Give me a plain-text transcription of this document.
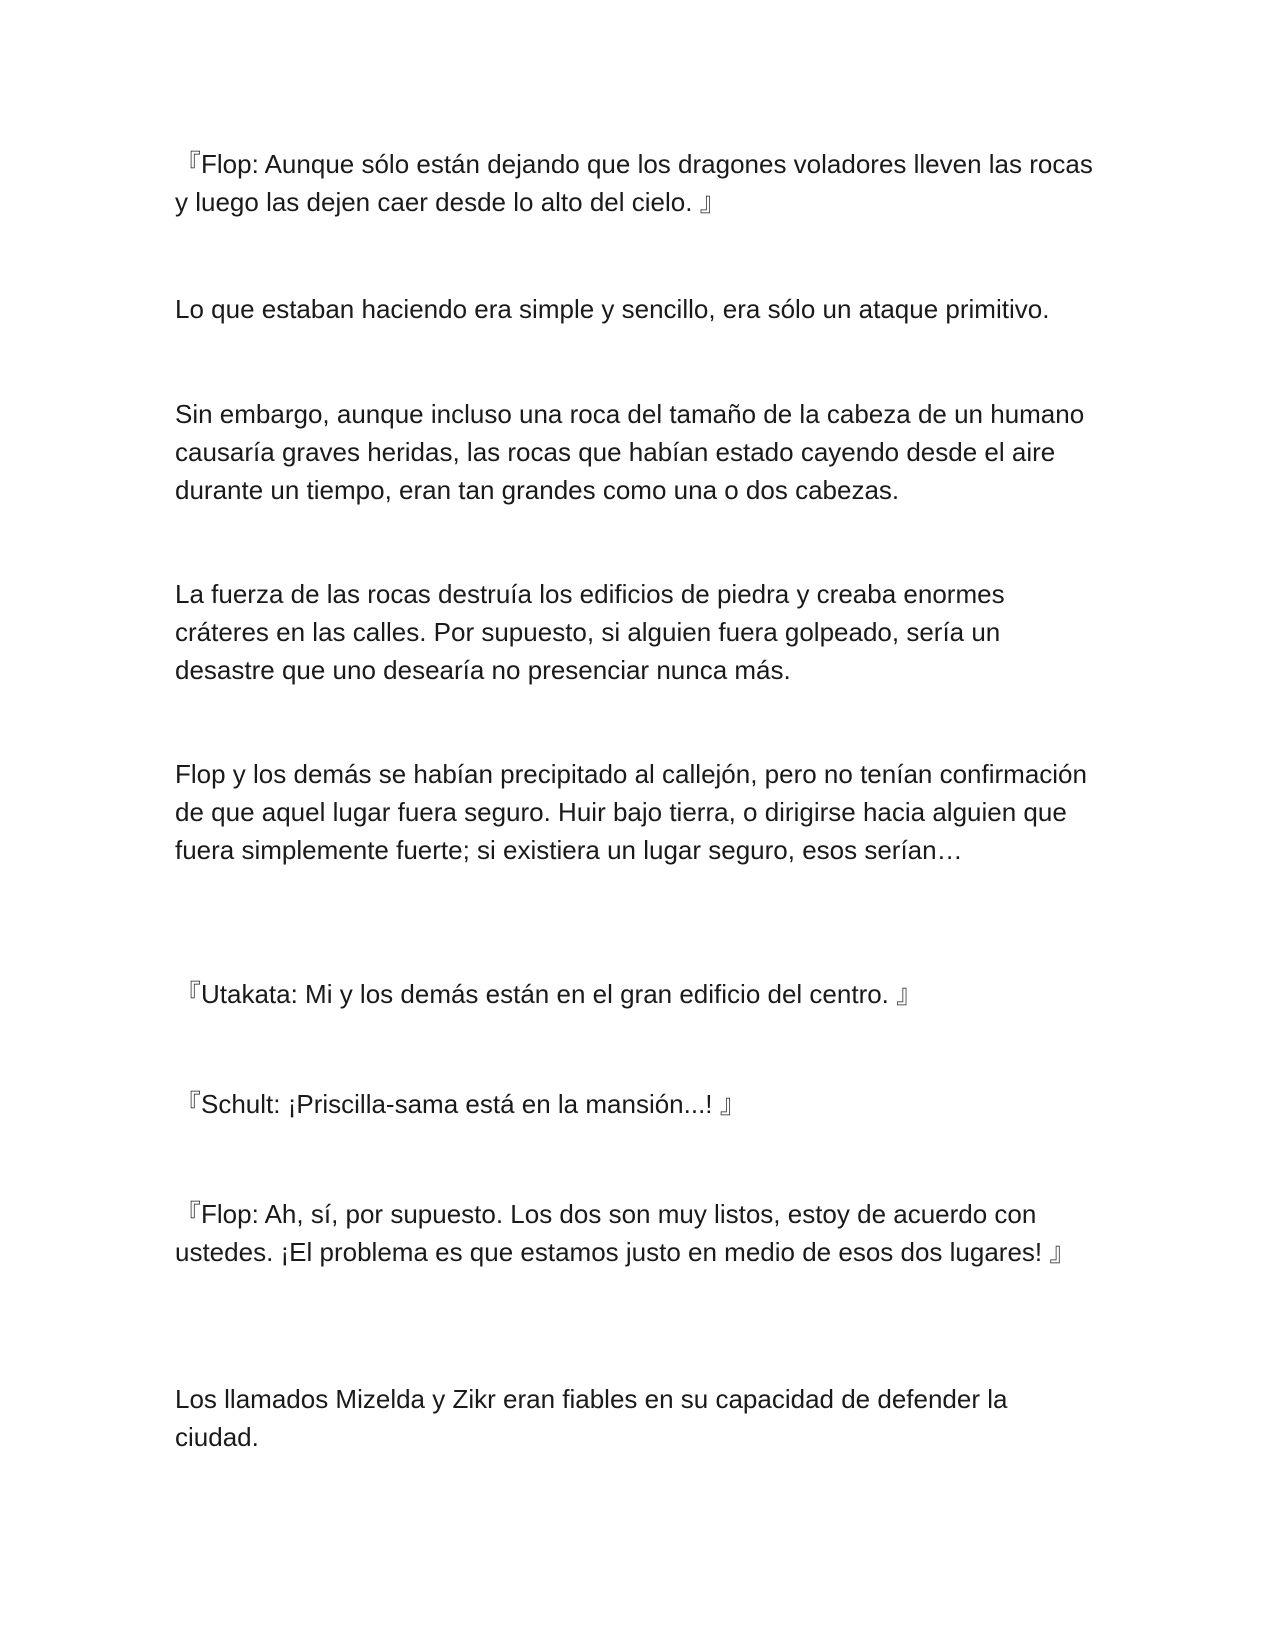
『Flop: Aunque sólo están dejando que los dragones voladores lleven las rocas y luego las dejen caer desde lo alto del cielo. 』

Lo que estaban haciendo era simple y sencillo, era sólo un ataque primitivo.

Sin embargo, aunque incluso una roca del tamaño de la cabeza de un humano causaría graves heridas, las rocas que habían estado cayendo desde el aire durante un tiempo, eran tan grandes como una o dos cabezas.

La fuerza de las rocas destruía los edificios de piedra y creaba enormes cráteres en las calles. Por supuesto, si alguien fuera golpeado, sería un desastre que uno desearía no presenciar nunca más.

Flop y los demás se habían precipitado al callejón, pero no tenían confirmación de que aquel lugar fuera seguro. Huir bajo tierra, o dirigirse hacia alguien que fuera simplemente fuerte; si existiera un lugar seguro, esos serían…

『Utakata: Mi y los demás están en el gran edificio del centro. 』

『Schult: ¡Priscilla-sama está en la mansión...! 』

『Flop: Ah, sí, por supuesto. Los dos son muy listos, estoy de acuerdo con ustedes. ¡El problema es que estamos justo en medio de esos dos lugares! 』

Los llamados Mizelda y Zikr eran fiables en su capacidad de defender la ciudad.
